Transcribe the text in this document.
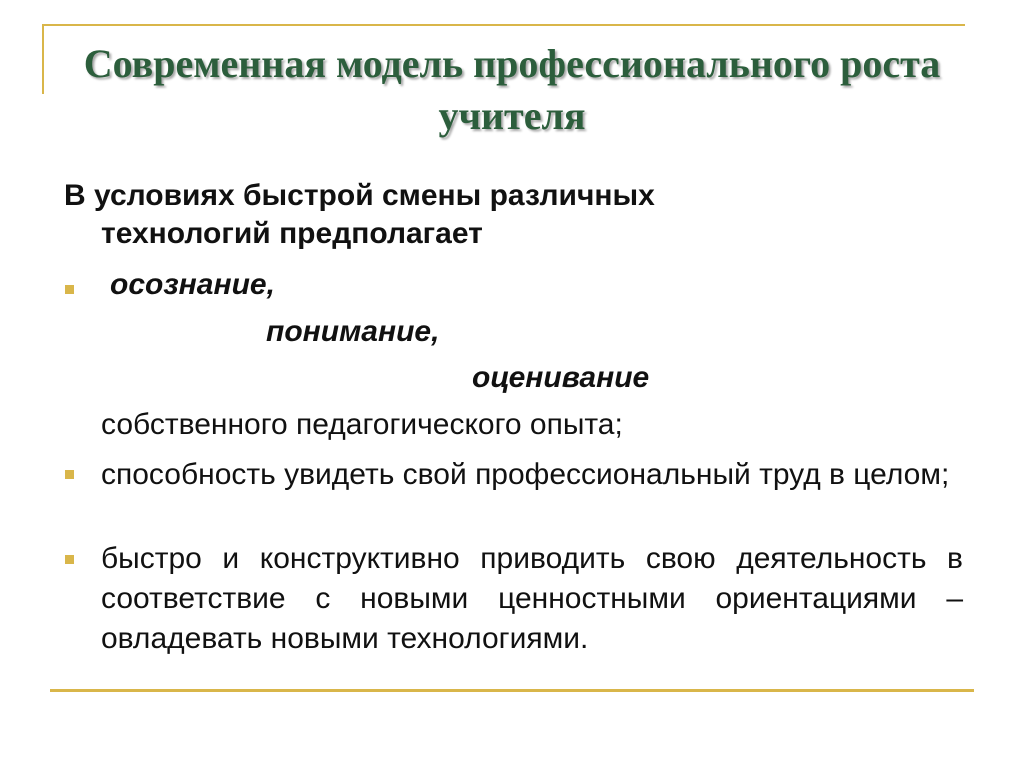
Современная модель профессионального роста учителя
В условиях быстрой смены различных
технологий предполагает
осознание,
понимание,
оценивание
собственного педагогического опыта;
способность увидеть свой профессиональный труд в целом;
быстро и конструктивно приводить свою деятельность в соответствие с новыми ценностными ориентациями – овладевать новыми технологиями.
